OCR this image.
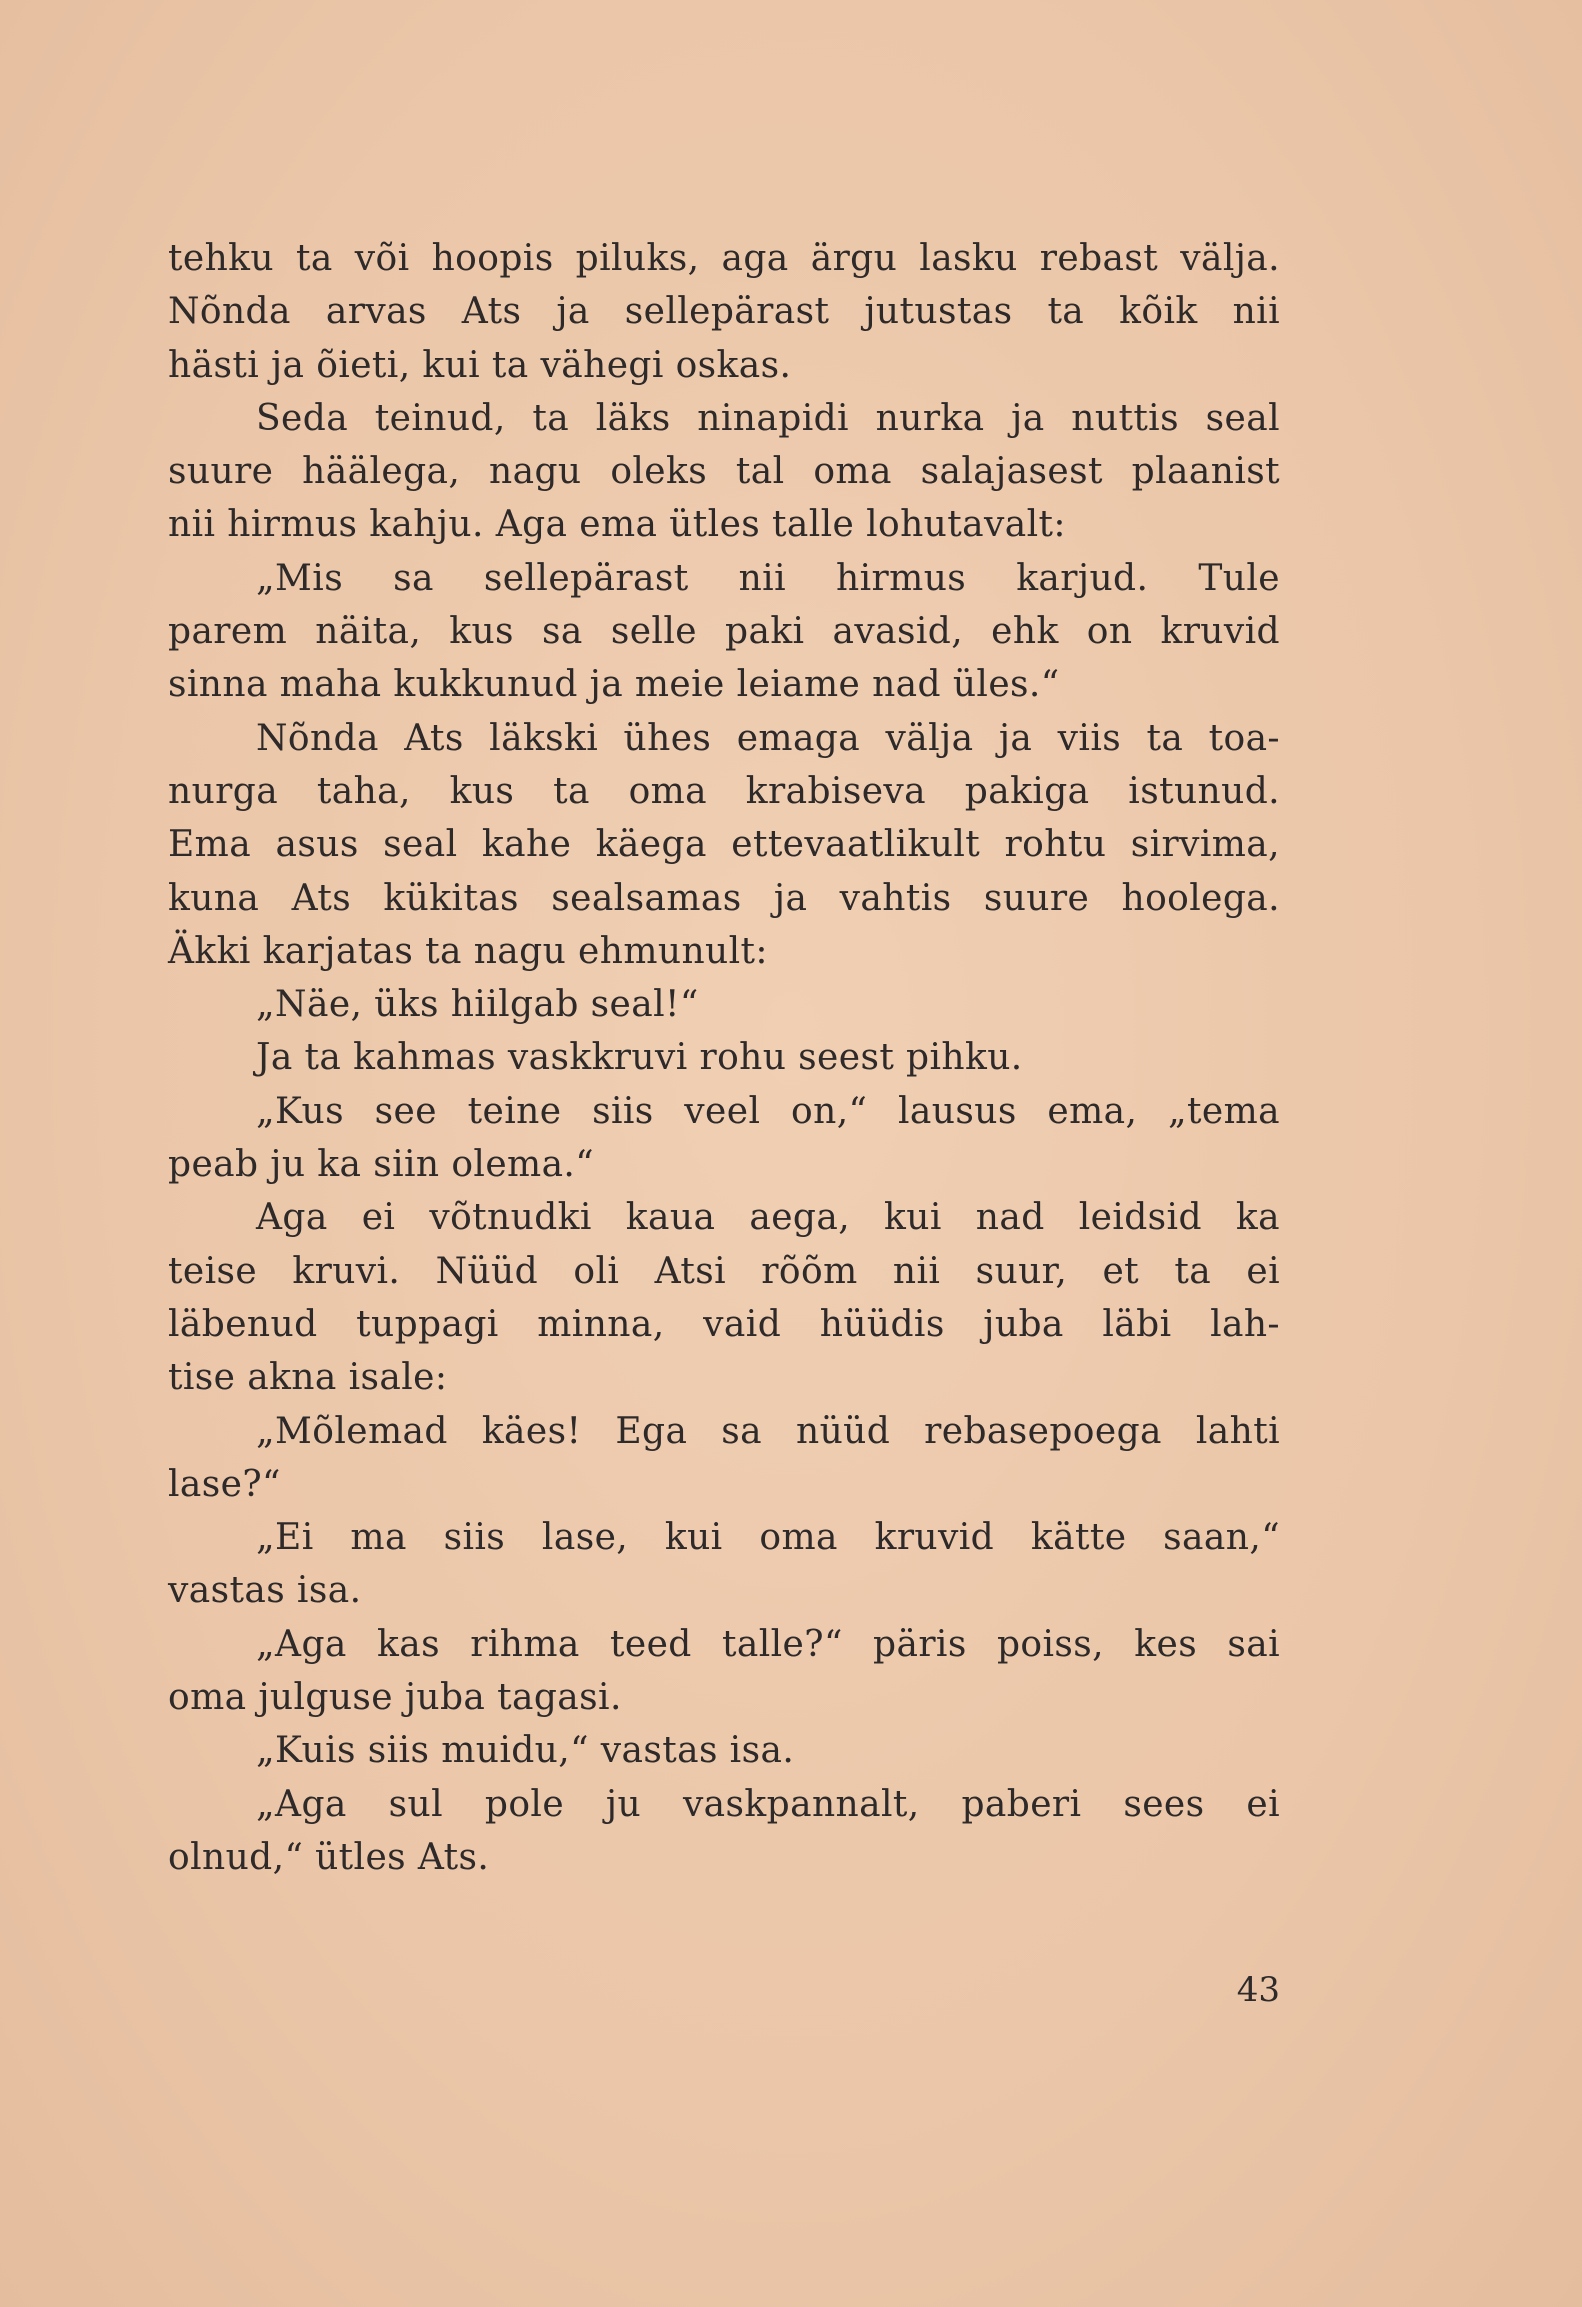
tehku ta või hoopis piluks, aga ärgu lasku rebast välja.
Nõnda arvas Ats ja sellepärast jutustas ta kõik nii
hästi ja õieti, kui ta vähegi oskas.
Seda teinud, ta läks ninapidi nurka ja nuttis seal
suure häälega, nagu oleks tal oma salajasest plaanist
nii hirmus kahju. Aga ema ütles talle lohutavalt:
„Mis sa sellepärast nii hirmus karjud. Tule
parem näita, kus sa selle paki avasid, ehk on kruvid
sinna maha kukkunud ja meie leiame nad üles.“
Nõnda Ats läkski ühes emaga välja ja viis ta toa-
nurga taha, kus ta oma krabiseva pakiga istunud.
Ema asus seal kahe käega ettevaatlikult rohtu sirvima,
kuna Ats kükitas sealsamas ja vahtis suure hoolega.
Äkki karjatas ta nagu ehmunult:
„Näe, üks hiilgab seal!“
Ja ta kahmas vaskkruvi rohu seest pihku.
„Kus see teine siis veel on,“ lausus ema, „tema
peab ju ka siin olema.“
Aga ei võtnudki kaua aega, kui nad leidsid ka
teise kruvi. Nüüd oli Atsi rõõm nii suur, et ta ei
läbenud tuppagi minna, vaid hüüdis juba läbi lah-
tise akna isale:
„Mõlemad käes! Ega sa nüüd rebasepoega lahti
lase?“
„Ei ma siis lase, kui oma kruvid kätte saan,“
vastas isa.
„Aga kas rihma teed talle?“ päris poiss, kes sai
oma julguse juba tagasi.
„Kuis siis muidu,“ vastas isa.
„Aga sul pole ju vaskpannalt, paberi sees ei
olnud,“ ütles Ats.
43
